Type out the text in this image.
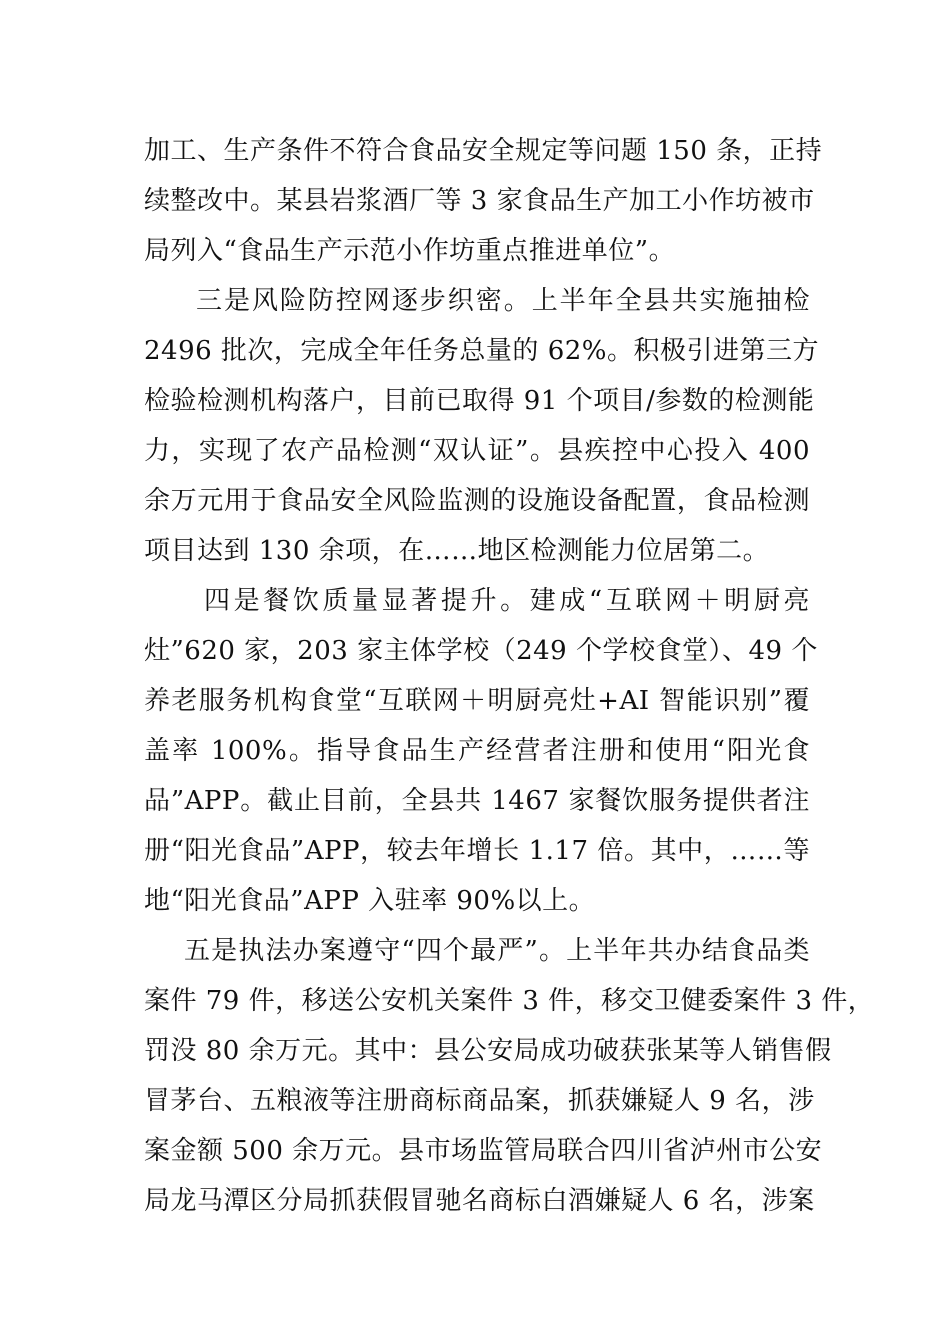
加工、生产条件不符合食品安全规定等问题 150 条，正持
续整改中。某县岩浆酒厂等 3 家食品生产加工小作坊被市
局列入“食品生产示范小作坊重点推进单位”。
三是风险防控网逐步织密。上半年全县共实施抽检
2496 批次，完成全年任务总量的 62%。积极引进第三方
检验检测机构落户，目前已取得 91 个项目/参数的检测能
力，实现了农产品检测“双认证”。县疾控中心投入 400
余万元用于食品安全风险监测的设施设备配置，食品检测
项目达到 130 余项，在……地区检测能力位居第二。
四是餐饮质量显著提升。建成“互联网＋明厨亮
灶”620 家，203 家主体学校（249 个学校食堂）、49 个
养老服务机构食堂“互联网＋明厨亮灶+AI 智能识别”覆
盖率 100%。指导食品生产经营者注册和使用“阳光食
品”APP。截止目前，全县共 1467 家餐饮服务提供者注
册“阳光食品”APP，较去年增长 1.17 倍。其中，……等
地“阳光食品”APP 入驻率 90%以上。
五是执法办案遵守“四个最严”。上半年共办结食品类
案件 79 件，移送公安机关案件 3 件，移交卫健委案件 3 件，
罚没 80 余万元。其中：县公安局成功破获张某等人销售假
冒茅台、五粮液等注册商标商品案，抓获嫌疑人 9 名，涉
案金额 500 余万元。县市场监管局联合四川省泸州市公安
局龙马潭区分局抓获假冒驰名商标白酒嫌疑人 6 名，涉案
